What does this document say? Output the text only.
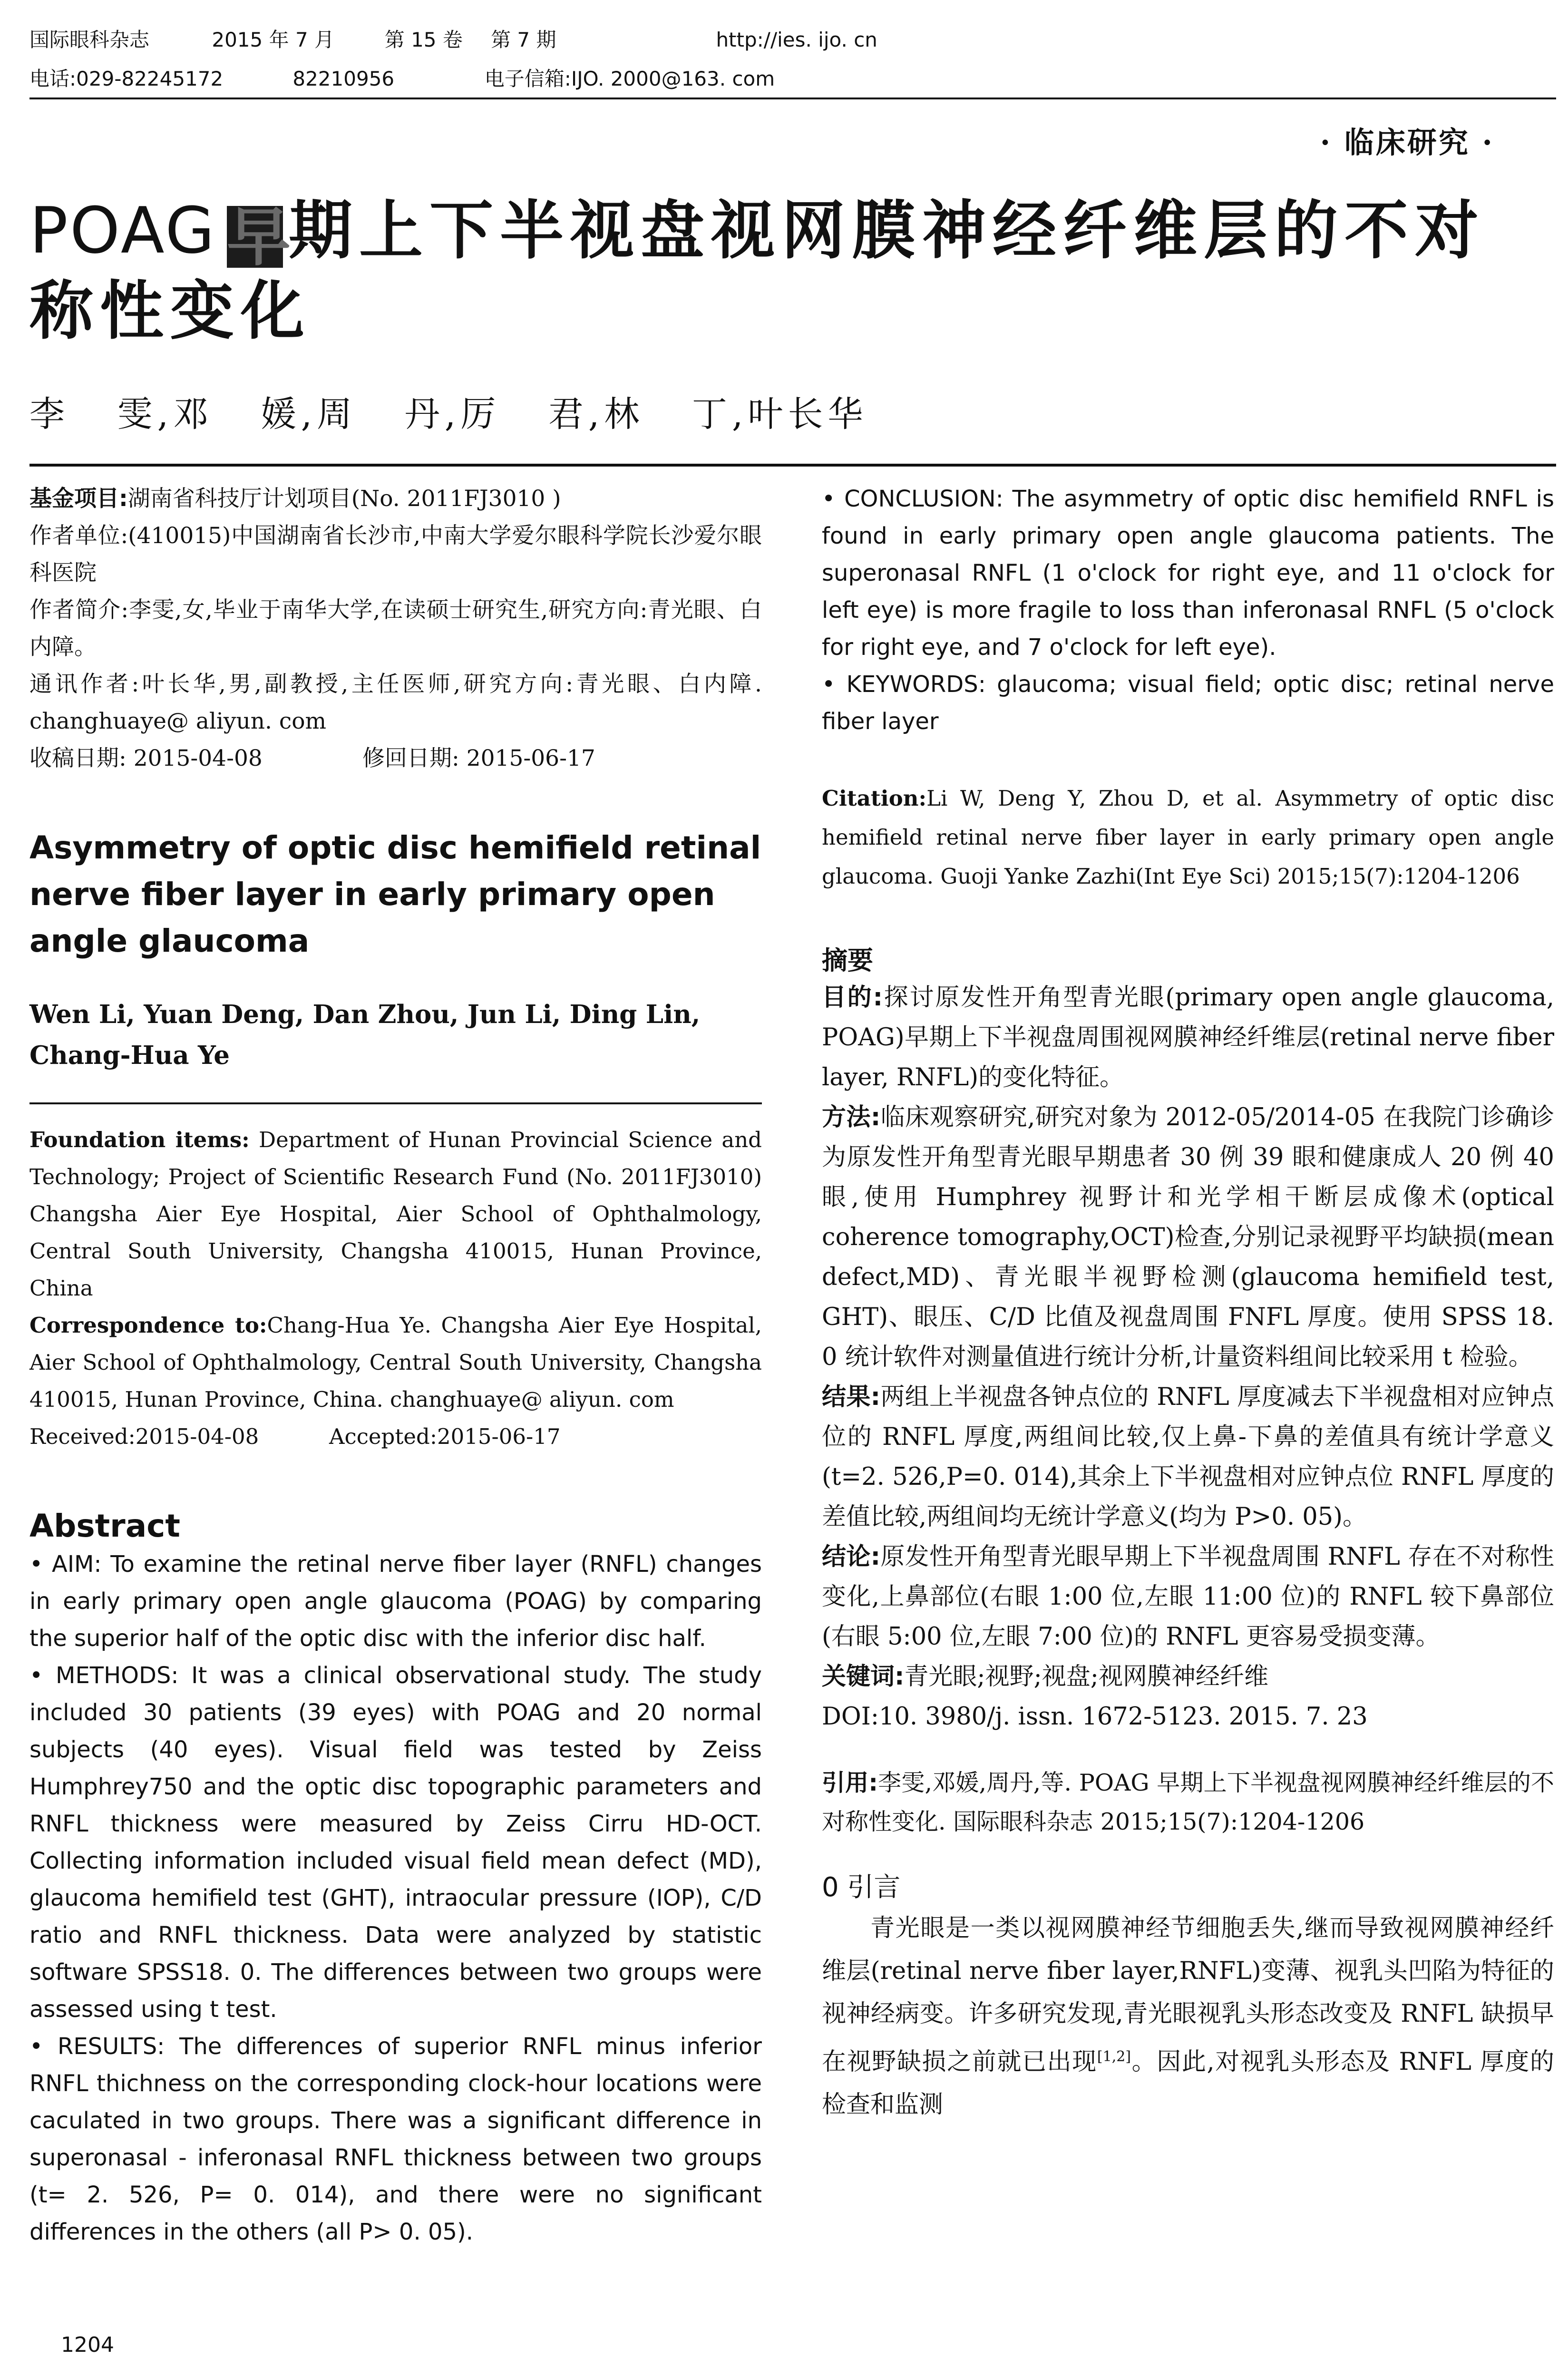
国际眼科杂志	2015 年 7 月	第 15 卷 第 7 期	http://ies. ijo. cn
电话:029-82245172	82210956	电子信箱:IJO. 2000@163. com
· 临床研究 ·
POAG 早期上下半视盘视网膜神经纤维层的不对称性变化
李   雯,邓   媛,周   丹,厉   君,林   丁,叶长华

基金项目:湖南省科技厅计划项目(No. 2011FJ3010 )

作者单位:(410015)中国湖南省长沙市,中南大学爱尔眼科学院长沙爱尔眼科医院

作者简介:李雯,女,毕业于南华大学,在读硕士研究生,研究方向:青光眼、白内障。

通讯作者:叶长华,男,副教授,主任医师,研究方向:青光眼、白内障. changhuaye@ aliyun. com

收稿日期: 2015-04-08	修回日期: 2015-06-17

Asymmetry of optic disc hemifield retinal nerve fiber layer in early primary open angle glaucoma
Wen Li, Yuan Deng, Dan Zhou, Jun Li, Ding Lin, Chang-Hua Ye

Foundation items: Department of Hunan Provincial Science and Technology; Project of Scientific Research Fund (No. 2011FJ3010) Changsha Aier Eye Hospital, Aier School of Ophthalmology, Central South University, Changsha 410015, Hunan Province, China

Correspondence to:Chang-Hua Ye. Changsha Aier Eye Hospital, Aier School of Ophthalmology, Central South University, Changsha 410015, Hunan Province, China. changhuaye@ aliyun. com

Received:2015-04-08	Accepted:2015-06-17

Abstract

• AIM: To examine the retinal nerve fiber layer (RNFL) changes in early primary open angle glaucoma (POAG) by comparing the superior half of the optic disc with the inferior disc half.

• METHODS: It was a clinical observational study. The study included 30 patients (39 eyes) with POAG and 20 normal subjects (40 eyes). Visual field was tested by Zeiss Humphrey750 and the optic disc topographic parameters and RNFL thickness were measured by Zeiss Cirru HD-OCT. Collecting information included visual field mean defect (MD), glaucoma hemifield test (GHT), intraocular pressure (IOP), C/D ratio and RNFL thickness. Data were analyzed by statistic software SPSS18. 0. The differences between two groups were assessed using t test.

• RESULTS: The differences of superior RNFL minus inferior RNFL thichness on the corresponding clock-hour locations were caculated in two groups. There was a significant difference in superonasal - inferonasal RNFL thickness between two groups (t= 2. 526, P= 0. 014), and there were no significant differences in the others (all P> 0. 05).

• CONCLUSION: The asymmetry of optic disc hemifield RNFL is found in early primary open angle glaucoma patients. The superonasal RNFL (1 o'clock for right eye, and 11 o'clock for left eye) is more fragile to loss than inferonasal RNFL (5 o'clock for right eye, and 7 o'clock for left eye).

• KEYWORDS: glaucoma; visual field; optic disc; retinal nerve fiber layer

Citation:Li W, Deng Y, Zhou D, et al. Asymmetry of optic disc hemifield retinal nerve fiber layer in early primary open angle glaucoma. Guoji Yanke Zazhi(Int Eye Sci) 2015;15(7):1204-1206
摘要

目的:探讨原发性开角型青光眼(primary open angle glaucoma, POAG)早期上下半视盘周围视网膜神经纤维层(retinal nerve fiber layer, RNFL)的变化特征。

方法:临床观察研究,研究对象为 2012-05/2014-05 在我院门诊确诊为原发性开角型青光眼早期患者 30 例 39 眼和健康成人 20 例 40 眼,使用 Humphrey 视野计和光学相干断层成像术(optical coherence tomography,OCT)检查,分别记录视野平均缺损(mean defect,MD)、青光眼半视野检测(glaucoma hemifield test, GHT)、眼压、C/D 比值及视盘周围 FNFL 厚度。使用 SPSS 18. 0 统计软件对测量值进行统计分析,计量资料组间比较采用 t 检验。

结果:两组上半视盘各钟点位的 RNFL 厚度减去下半视盘相对应钟点位的 RNFL 厚度,两组间比较,仅上鼻-下鼻的差值具有统计学意义(t=2. 526,P=0. 014),其余上下半视盘相对应钟点位 RNFL 厚度的差值比较,两组间均无统计学意义(均为 P>0. 05)。

结论:原发性开角型青光眼早期上下半视盘周围 RNFL 存在不对称性变化,上鼻部位(右眼 1:00 位,左眼 11:00 位)的 RNFL 较下鼻部位(右眼 5:00 位,左眼 7:00 位)的 RNFL 更容易受损变薄。

关键词:青光眼;视野;视盘;视网膜神经纤维

DOI:10. 3980/j. issn. 1672-5123. 2015. 7. 23

引用:李雯,邓媛,周丹,等. POAG 早期上下半视盘视网膜神经纤维层的不对称性变化. 国际眼科杂志 2015;15(7):1204-1206
0 引言

青光眼是一类以视网膜神经节细胞丢失,继而导致视网膜神经纤维层(retinal nerve fiber layer,RNFL)变薄、视乳头凹陷为特征的视神经病变。许多研究发现,青光眼视乳头形态改变及 RNFL 缺损早在视野缺损之前就已出现[1,2]。因此,对视乳头形态及 RNFL 厚度的检查和监测

1204
